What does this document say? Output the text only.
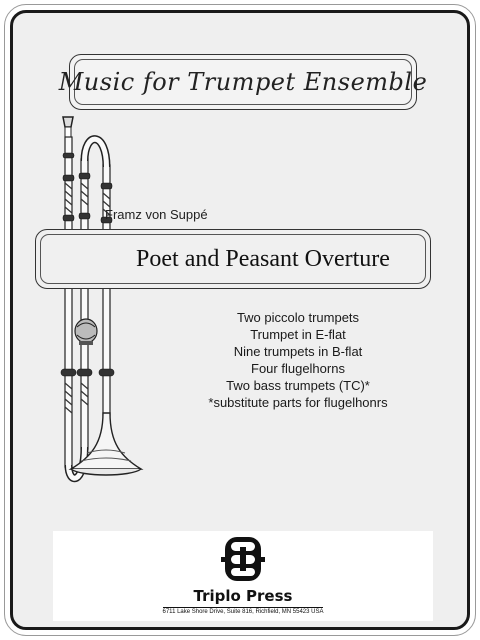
Music for Trumpet Ensemble
Framz von Suppé
Poet and Peasant Overture
Two piccolo trumpets
Trumpet in E-flat
Nine trumpets in B-flat
Four flugelhorns
Two bass trumpets (TC)*
*substitute parts for flugelhonrs
Triplo Press
6711 Lake Shore Drive, Suite 816, Richfield, MN 55423 USA
